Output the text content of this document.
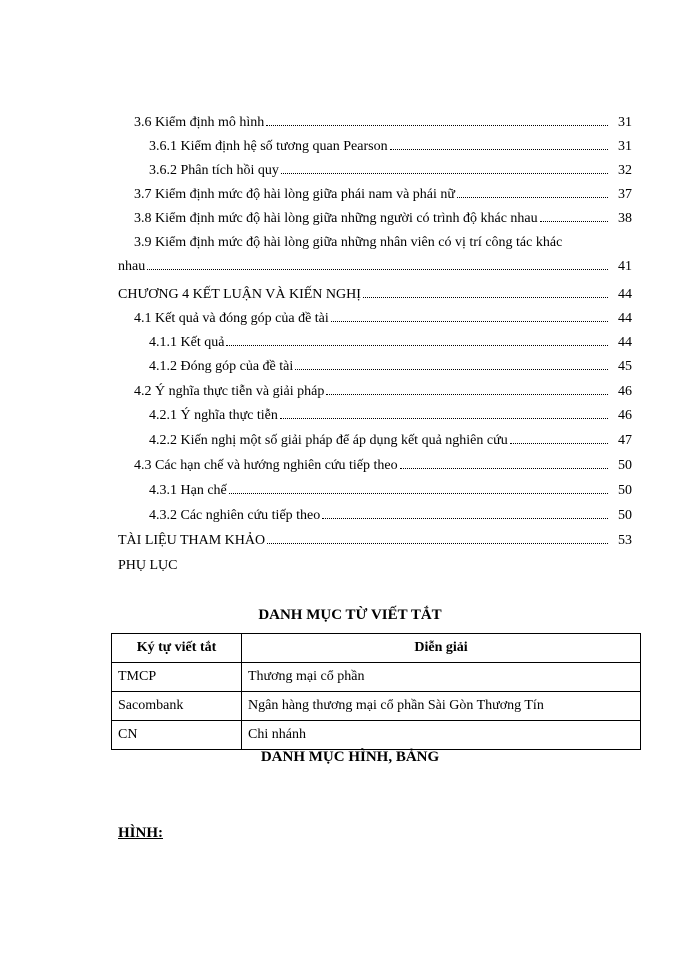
3.6 Kiểm định mô hình	31
3.6.1 Kiểm định hệ số tương quan Pearson	31
3.6.2 Phân tích hồi quy	32
3.7 Kiểm định mức độ hài lòng giữa phái nam và phái nữ	37
3.8 Kiểm định mức độ hài lòng giữa những người có trình độ khác nhau	38
3.9 Kiểm định mức độ hài lòng giữa những nhân viên có vị trí công tác khác
nhau	41
CHƯƠNG 4 KẾT LUẬN VÀ KIẾN NGHỊ	44
4.1 Kết quả và đóng góp của đề tài	44
4.1.1 Kết quả	44
4.1.2 Đóng góp của đề tài	45
4.2 Ý nghĩa thực tiễn và giải pháp	46
4.2.1 Ý nghĩa thực tiễn	46
4.2.2 Kiến nghị một số giải pháp để áp dụng kết quả nghiên cứu	47
4.3 Các hạn chế và hướng nghiên cứu tiếp theo	50
4.3.1 Hạn chế	50
4.3.2 Các nghiên cứu tiếp theo	50
TÀI LIỆU THAM KHẢO	53
PHỤ LỤC
DANH MỤC TỪ VIẾT TẮT
Ký tự viết tắt	Diễn giải
TMCP	Thương mại cổ phần
Sacombank	Ngân hàng thương mại cổ phần Sài Gòn Thương Tín
CN	Chi nhánh
DANH MỤC HÌNH, BẢNG
HÌNH:
